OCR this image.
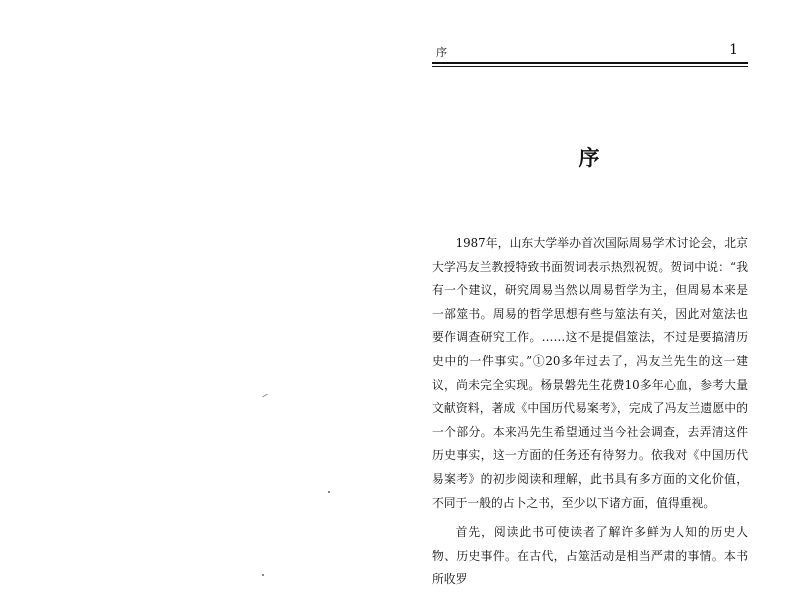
序	1
序

1987年，山东大学举办首次国际周易学术讨论会，北京大学冯友兰教授特致书面贺词表示热烈祝贺。贺词中说：“我有一个建议，研究周易当然以周易哲学为主，但周易本来是一部筮书。周易的哲学思想有些与筮法有关，因此对筮法也要作调查研究工作。……这不是提倡筮法，不过是要搞清历史中的一件事实。”①20多年过去了，冯友兰先生的这一建议，尚未完全实现。杨景磐先生花费10多年心血，参考大量文献资料，著成《中国历代易案考》，完成了冯友兰遗愿中的一个部分。本来冯先生希望通过当今社会调查，去弄清这件历史事实，这一方面的任务还有待努力。依我对《中国历代易案考》的初步阅读和理解，此书具有多方面的文化价值，不同于一般的占卜之书，至少以下诸方面，值得重视。

首先，阅读此书可使读者了解许多鲜为人知的历史人物、历史事件。在古代，占筮活动是相当严肃的事情。本书所收罗
